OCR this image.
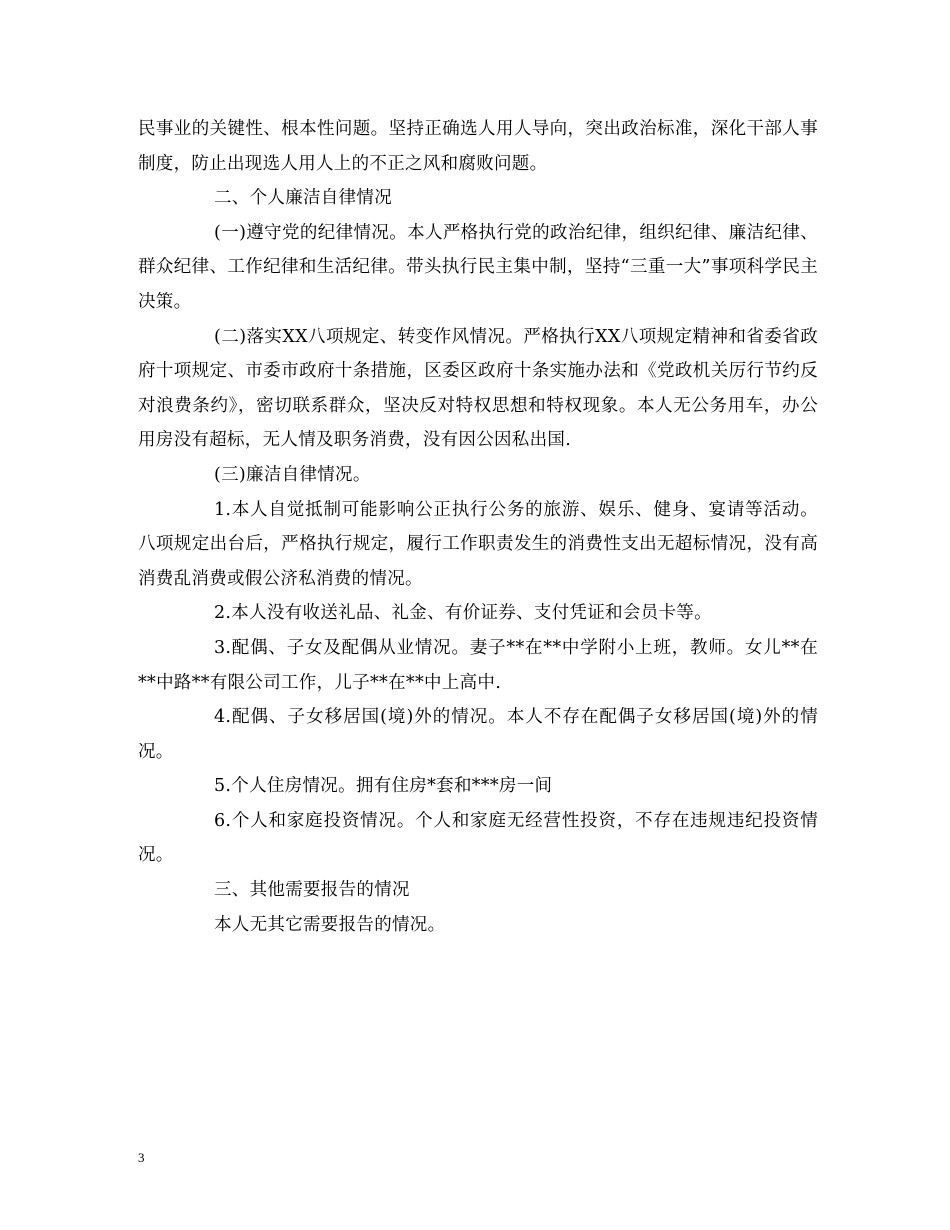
民事业的关键性、根本性问题。坚持正确选人用人导向，突出政治标准，深化干部人事制度，防止出现选人用人上的不正之风和腐败问题。

二、个人廉洁自律情况

(一)遵守党的纪律情况。本人严格执行党的政治纪律，组织纪律、廉洁纪律、群众纪律、工作纪律和生活纪律。带头执行民主集中制，坚持“三重一大”事项科学民主决策。

(二)落实XX八项规定、转变作风情况。严格执行XX八项规定精神和省委省政府十项规定、市委市政府十条措施，区委区政府十条实施办法和《党政机关厉行节约反对浪费条约》，密切联系群众，坚决反对特权思想和特权现象。本人无公务用车，办公用房没有超标，无人情及职务消费，没有因公因私出国.

(三)廉洁自律情况。

1.本人自觉抵制可能影响公正执行公务的旅游、娱乐、健身、宴请等活动。八项规定出台后，严格执行规定，履行工作职责发生的消费性支出无超标情况，没有高消费乱消费或假公济私消费的情况。

2.本人没有收送礼品、礼金、有价证券、支付凭证和会员卡等。

3.配偶、子女及配偶从业情况。妻子**在**中学附小上班，教师。女儿**在**中路**有限公司工作，儿子**在**中上高中.

4.配偶、子女移居国(境)外的情况。本人不存在配偶子女移居国(境)外的情况。

5.个人住房情况。拥有住房*套和***房一间

6.个人和家庭投资情况。个人和家庭无经营性投资，不存在违规违纪投资情况。

三、其他需要报告的情况

本人无其它需要报告的情况。

3
